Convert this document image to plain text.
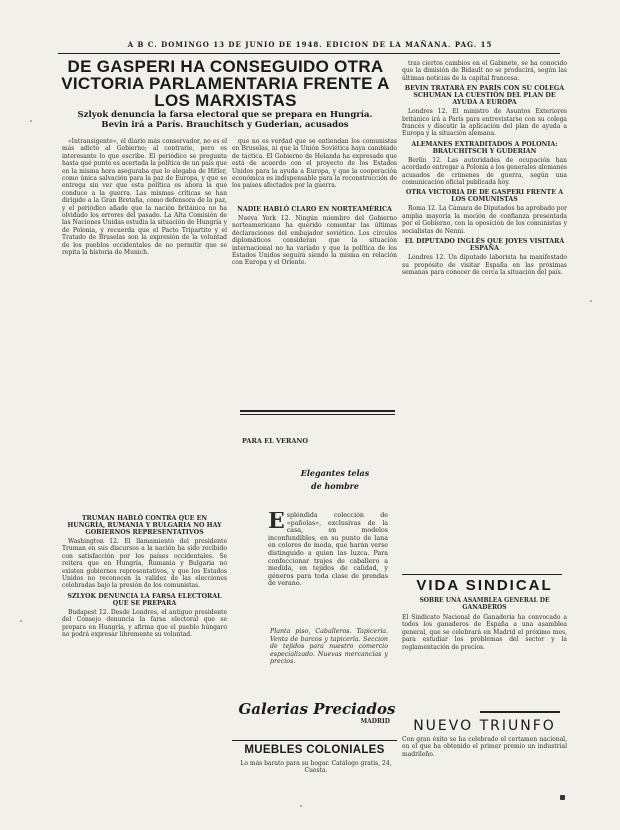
A B C. DOMINGO 13 DE JUNIO DE 1948. EDICION DE LA MAÑANA. PAG. 15
DE GASPERI HA CONSEGUIDO OTRA VICTORIA PARLAMENTARIA FRENTE A LOS MARXISTAS
Szlyok denuncia la farsa electoral que se prepara en Hungría. Bevin irá a París. Brauchitsch y Guderian, acusados

«Intransigente», el diario más conservador, no es el más adicto al Gobierno; al contrario, pero es interesante lo que escribe. El periódico se pregunta hasta qué punto es acertada la política de un país que en la misma hora aseguraba que lo alegaba de Hitler, como única salvación para la paz de Europa, y que se entrega sin ver que esta política es ahora la que conduce a la guerra. Las mismas críticas se han dirigido a la Gran Bretaña, como defensora de la paz, y el periódico añade que la nación británica no ha olvidado los errores del pasado. La Alta Comisión de las Naciones Unidas estudia la situación de Hungría y de Polonia, y recuerda que el Pacto Tripartito y el Tratado de Bruselas son la expresión de la voluntad de los pueblos occidentales de no permitir que se repita la historia de Munich.

TRUMAN HABLÓ CONTRA QUE EN HUNGRÍA, RUMANIA Y BULGARIA NO HAY GOBIERNOS REPRESENTATIVOS

Washington 12. El llamamiento del presidente Truman en sus discursos a la nación ha sido recibido con satisfacción por los países occidentales. Se reitera que en Hungría, Rumania y Bulgaria no existen gobiernos representativos, y que los Estados Unidos no reconocen la validez de las elecciones celebradas bajo la presión de los comunistas.

SZLYOK DENUNCIA LA FARSA ELECTORAL QUE SE PREPARA

Budapest 12. Desde Londres, el antiguo presidente del Consejo denuncia la farsa electoral que se prepara en Hungría, y afirma que el pueblo húngaro no podrá expresar libremente su voluntad.

que no es verdad que se entiendan los comunistas en Bruselas, ni que la Unión Soviética haya cambiado de táctica. El Gobierno de Holanda ha expresado que está de acuerdo con el proyecto de los Estados Unidos para la ayuda a Europa, y que la cooperación económica es indispensable para la reconstrucción de los países afectados por la guerra.

NADIE HABLÓ CLARO EN NORTEAMÉRICA

Nueva York 12. Ningún miembro del Gobierno norteamericano ha querido comentar las últimas declaraciones del embajador soviético. Los círculos diplomáticos consideran que la situación internacional no ha variado y que la política de los Estados Unidos seguirá siendo la misma en relación con Europa y el Oriente.

PARA EL VERANO
Elegantes telas
de hombre
E spléndida colección de «pañolas», exclusivas de la casa, en modelos inconfundibles, en su punto de lana en colores de moda, que harán verse distinguido a quien las luzca. Para confeccionar trajes de caballero a medida, en tejidos de calidad, y géneros para toda clase de prendas de verano.
Planta piso, Caballeros. Tapicería. Venta de barcos y tapicería. Sección de tejidos para nuestro comercio especializado. Nuevas mercancías y precios.
Galerias Preciados
MADRID
MUEBLES COLONIALES
Lo más barato para su hogar. Catálogo gratis, 24, Cuesta.

tras ciertos cambios en el Gabinete, se ha conocido que la dimisión de Bidault no se producirá, según las últimas noticias de la capital francesa.

BEVIN TRATARÁ EN PARÍS CON SU COLEGA SCHUMAN LA CUESTIÓN DEL PLAN DE AYUDA A EUROPA

Londres 12. El ministro de Asuntos Exteriores británico irá a París para entrevistarse con su colega francés y discutir la aplicación del plan de ayuda a Europa y la situación alemana.

ALEMANES EXTRADITADOS A POLONIA: BRAUCHITSCH Y GUDERIAN

Berlín 12. Las autoridades de ocupación han acordado entregar a Polonia a los generales alemanes acusados de crímenes de guerra, según una comunicación oficial publicada hoy.

OTRA VICTORIA DE DE GASPERI FRENTE A LOS COMUNISTAS

Roma 12. La Cámara de Diputados ha aprobado por amplia mayoría la moción de confianza presentada por el Gobierno, con la oposición de los comunistas y socialistas de Nenni.

EL DIPUTADO INGLÉS QUE JOYES VISITARÁ ESPAÑA

Londres 12. Un diputado laborista ha manifestado su propósito de visitar España en las próximas semanas para conocer de cerca la situación del país.

VIDA SINDICAL
SOBRE UNA ASAMBLEA GENERAL DE GANADEROS
El Sindicato Nacional de Ganadería ha convocado a todos los ganaderos de España a una asamblea general, que se celebrará en Madrid el próximo mes, para estudiar los problemas del sector y la reglamentación de precios.
NUEVO TRIUNFO
Con gran éxito se ha celebrado el certamen nacional, en el que ha obtenido el primer premio un industrial madrileño.
